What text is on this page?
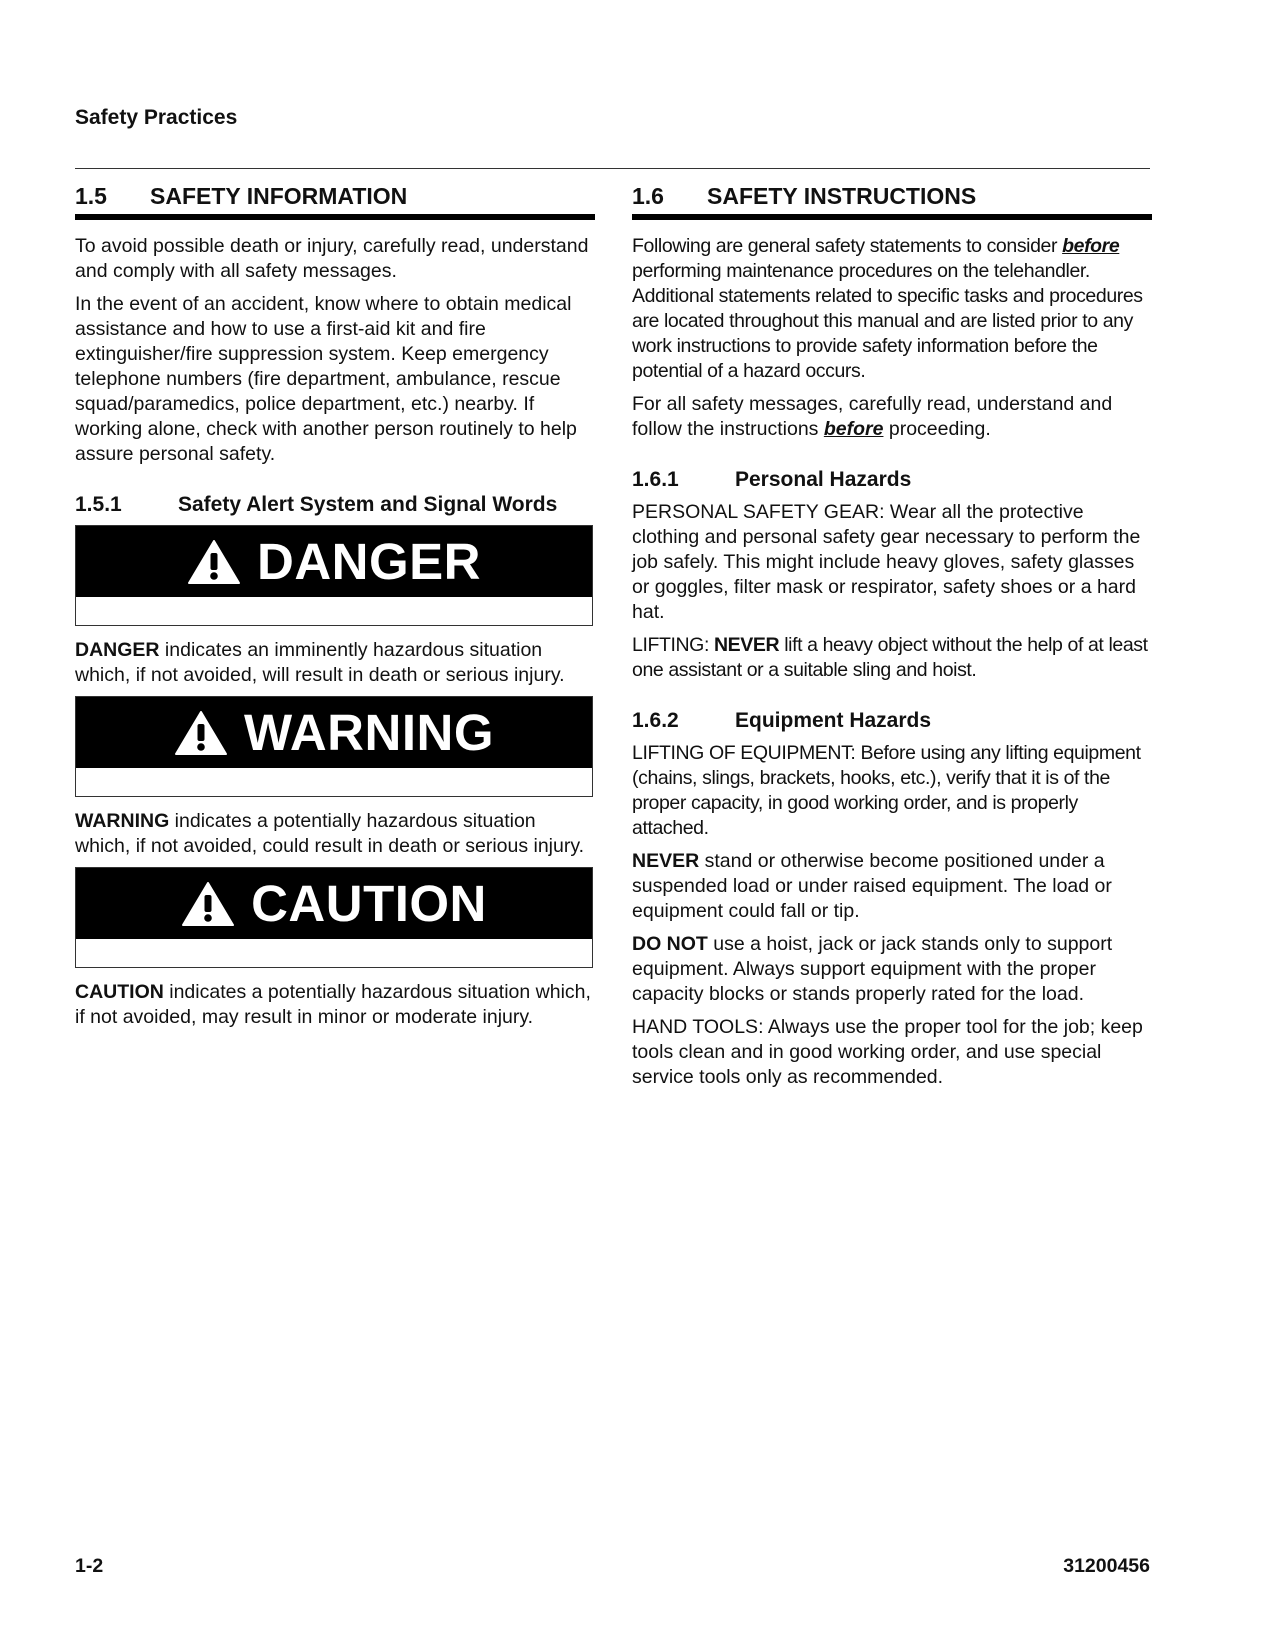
Safety Practices
1.5	SAFETY INFORMATION

To avoid possible death or injury, carefully read, understand and comply with all safety messages.

In the event of an accident, know where to obtain medical assistance and how to use a first-aid kit and fire extinguisher/fire suppression system. Keep emergency telephone numbers (fire department, ambulance, rescue squad/paramedics, police department, etc.) nearby. If working alone, check with another person routinely to help assure personal safety.

1.5.1	Safety Alert System and Signal Words
DANGER

DANGER indicates an imminently hazardous situation which, if not avoided, will result in death or serious injury.

WARNING

WARNING indicates a potentially hazardous situation which, if not avoided, could result in death or serious injury.

CAUTION

CAUTION indicates a potentially hazardous situation which, if not avoided, may result in minor or moderate injury.

1.6	SAFETY INSTRUCTIONS

Following are general safety statements to consider before performing maintenance procedures on the telehandler. Additional statements related to specific tasks and procedures are located throughout this manual and are listed prior to any work instructions to provide safety information before the potential of a hazard occurs.

For all safety messages, carefully read, understand and follow the instructions before proceeding.

1.6.1	Personal Hazards

PERSONAL SAFETY GEAR: Wear all the protective clothing and personal safety gear necessary to perform the job safely. This might include heavy gloves, safety glasses or goggles, filter mask or respirator, safety shoes or a hard hat.

LIFTING: NEVER lift a heavy object without the help of at least one assistant or a suitable sling and hoist.

1.6.2	Equipment Hazards

LIFTING OF EQUIPMENT: Before using any lifting equipment (chains, slings, brackets, hooks, etc.), verify that it is of the proper capacity, in good working order, and is properly attached.

NEVER stand or otherwise become positioned under a suspended load or under raised equipment. The load or equipment could fall or tip.

DO NOT use a hoist, jack or jack stands only to support equipment. Always support equipment with the proper capacity blocks or stands properly rated for the load.

HAND TOOLS: Always use the proper tool for the job; keep tools clean and in good working order, and use special service tools only as recommended.

1-2	31200456
